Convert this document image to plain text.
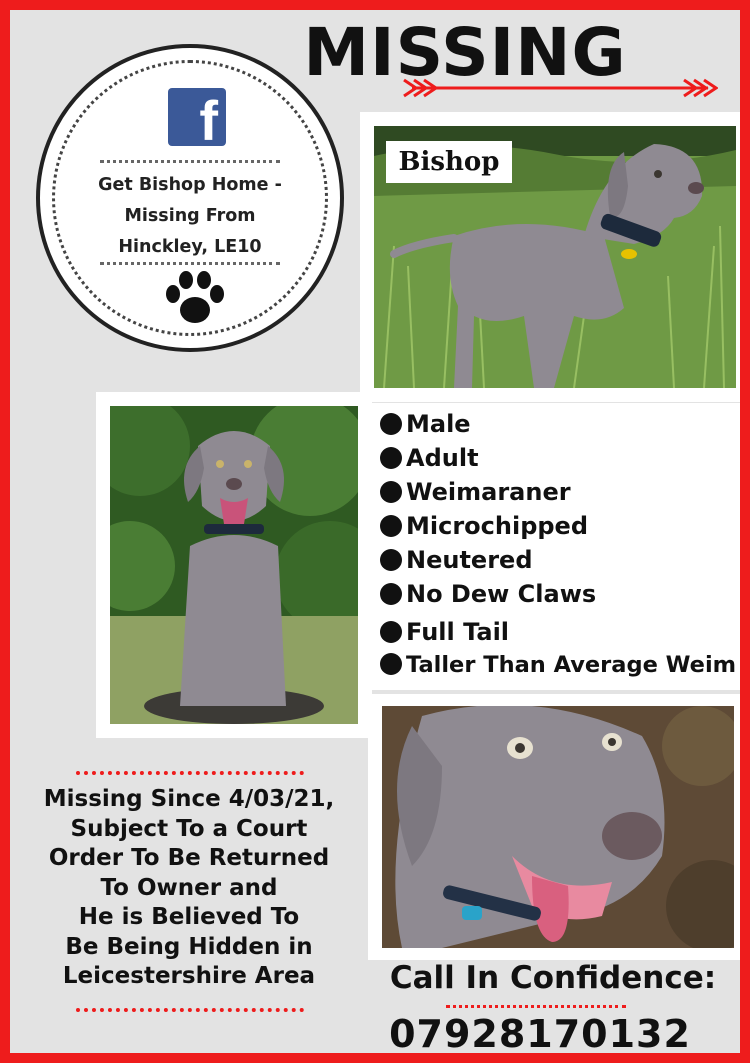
MISSING
f
Get Bishop Home -
Missing From
Hinckley, LE10
Bishop
Male
Adult
Weimaraner
Microchipped
Neutered
No Dew Claws
Full Tail
Taller Than Average Weim
Missing Since 4/03/21,
Subject To a Court
Order To Be Returned
To Owner and
He is Believed To
Be Being Hidden in
Leicestershire Area	Call In Confidence:
07928170132
